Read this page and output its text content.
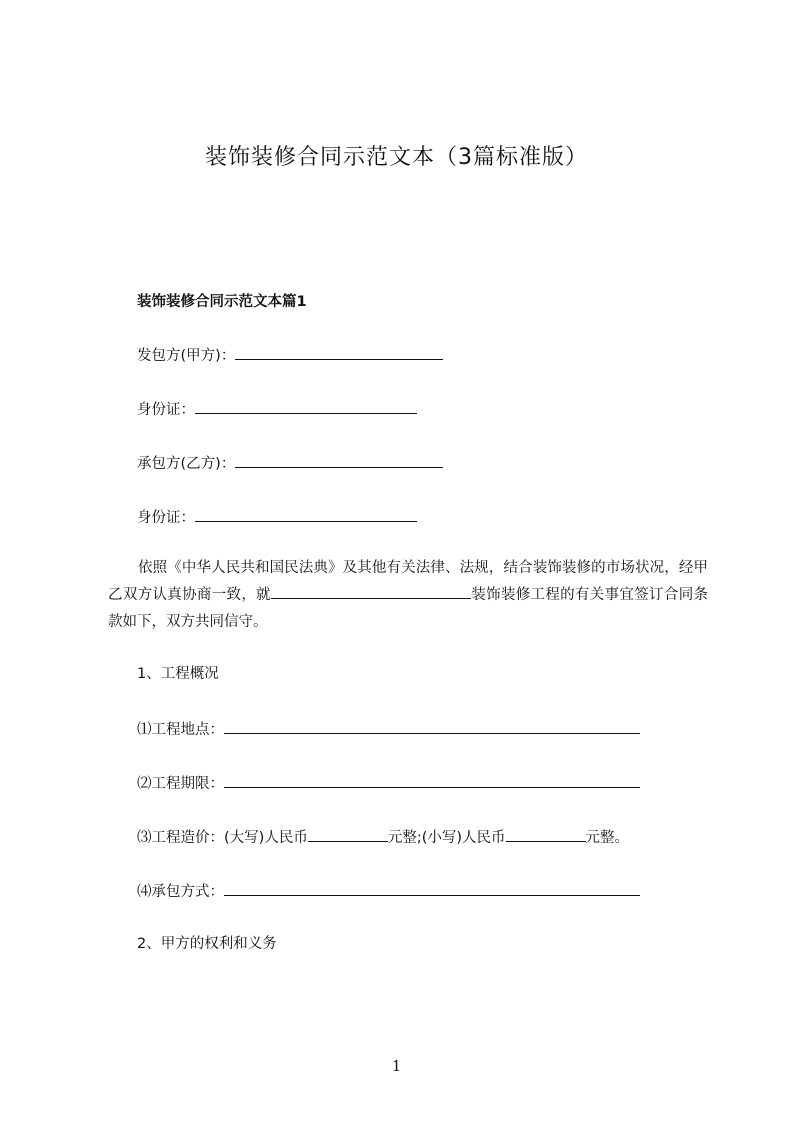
装饰装修合同示范文本（3篇标准版）
装饰装修合同示范文本篇1
发包方(甲方)：
身份证：
承包方(乙方)：
身份证：

依照《中华人民共和国民法典》及其他有关法律、法规，结合装饰装修的市场状况，经甲乙双方认真协商一致，就	装饰装修工程的有关事宜签订合同条款如下，双方共同信守。

1、工程概况
⑴工程地点：
⑵工程期限：
⑶工程造价：(大写)人民币	元整;(小写)人民币	元整。
⑷承包方式：
2、甲方的权利和义务
1
